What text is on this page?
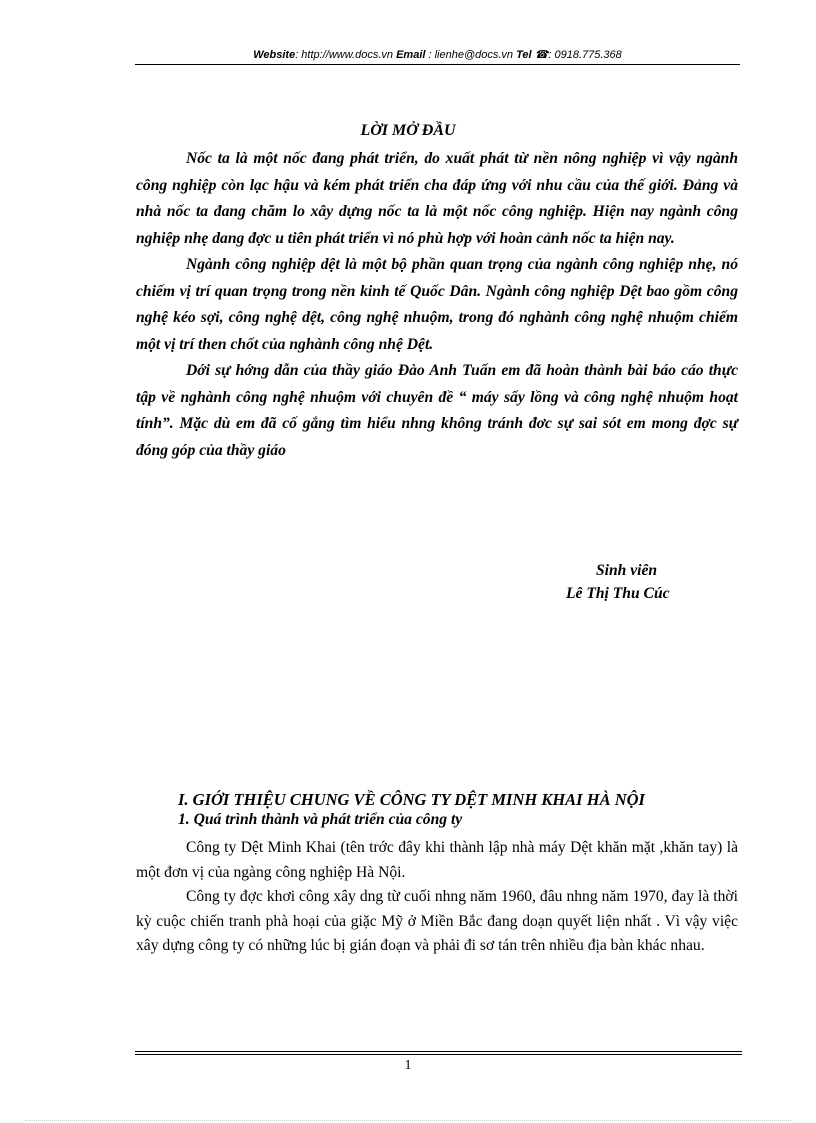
Website: http://www.docs.vn Email : lienhe@docs.vn Tel ☎: 0918.775.368
LỜI MỞ ĐẦU

Nốc ta là một nốc đang phát triển, do xuất phát từ nền nông nghiệp vì vậy ngành công nghiệp còn lạc hậu và kém phát triển cha đáp ứng với nhu cầu của thế giới. Đảng và nhà nốc ta đang chăm lo xây dựng nốc ta là một nốc công nghiệp. Hiện nay ngành công nghiệp nhẹ dang đợc u tiên phát triển vì nó phù hợp với hoàn cảnh nốc ta hiện nay.

Ngành công nghiệp dệt là một bộ phần quan trọng của ngành công nghiệp nhẹ, nó chiếm vị trí quan trọng trong nền kinh tế Quốc Dân. Ngành công nghiệp Dệt bao gồm công nghệ kéo sợi, công nghệ dệt, công nghệ nhuộm, trong đó nghành công nghệ nhuộm chiếm một vị trí then chốt của nghành công nhệ Dệt.

Dới sự hớng dẫn của thầy giáo Đào Anh Tuấn em đã hoàn thành bài báo cáo thực tập về nghành công nghệ nhuộm với chuyên đề “ máy sấy lồng và công nghệ nhuộm hoạt tính”. Mặc dù em đã cố gắng tìm hiểu nhng không tránh đơc sự sai sót em mong đợc sự đóng góp của thầy giáo

Sinh viên
Lê Thị Thu Cúc
I. GIỚI THIỆU CHUNG VỀ CÔNG TY DỆT MINH KHAI HÀ NỘI
1. Quá trình thành và phát triển của công ty

Công ty Dệt Minh Khai (tên trớc đây khi thành lập nhà máy Dệt khăn mặt ,khăn tay) là một đơn vị của ngàng công nghiệp Hà Nội.

Công ty đợc khơi công xây dng từ cuối nhng năm 1960, đâu nhng năm 1970, đay là thời kỳ cuộc chiến tranh phà hoại của giặc Mỹ ở Miền Bắc đang doạn quyết liện nhất . Vì vậy việc xây dựng công ty có những lúc bị gián đoạn và phải đi sơ tán trên nhiều địa bàn khác nhau.

1
